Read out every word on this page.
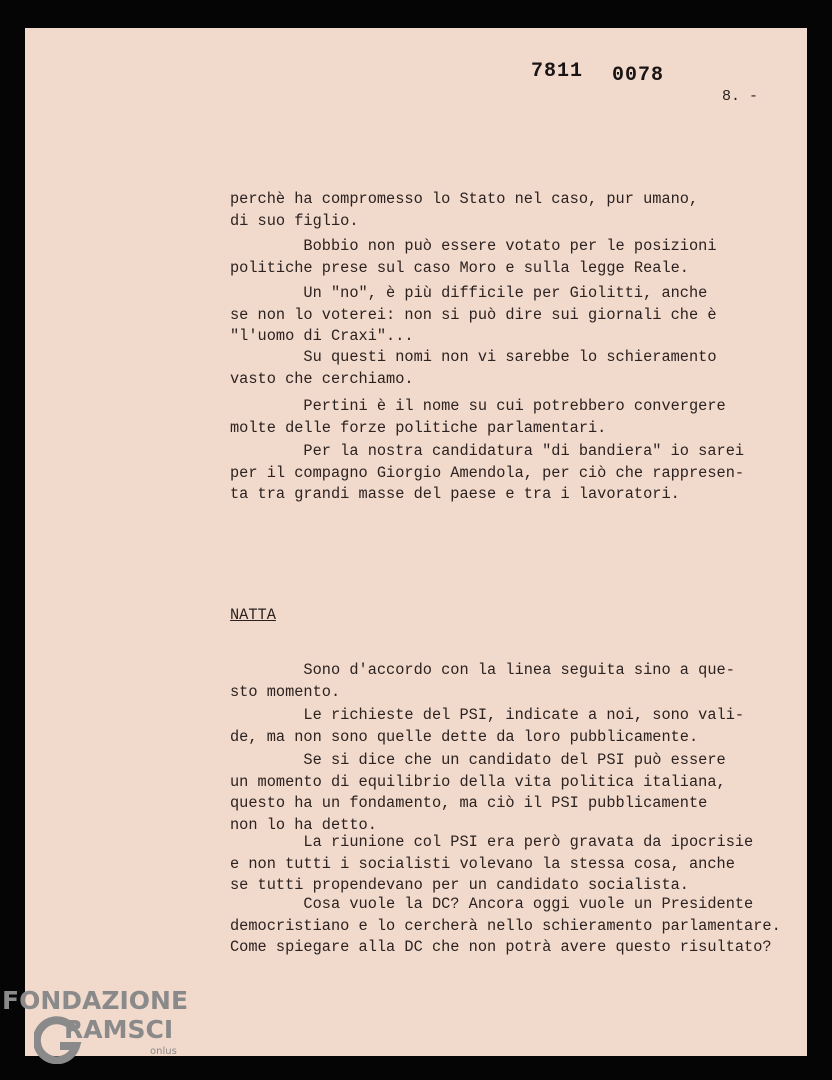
7811 0078
8. -
perchè ha compromesso lo Stato nel caso, pur umano,
di suo figlio.
Bobbio non può essere votato per le posizioni
politiche prese sul caso Moro e sulla legge Reale.
Un "no", è più difficile per Giolitti, anche
se non lo voterei: non si può dire sui giornali che è
"l'uomo di Craxi"...
Su questi nomi non vi sarebbe lo schieramento
vasto che cerchiamo.
Pertini è il nome su cui potrebbero convergere
molte delle forze politiche parlamentari.
Per la nostra candidatura "di bandiera" io sarei
per il compagno Giorgio Amendola, per ciò che rappresen-
ta tra grandi masse del paese e tra i lavoratori.
NATTA
Sono d'accordo con la linea seguita sino a que-
sto momento.
Le richieste del PSI, indicate a noi, sono vali-
de, ma non sono quelle dette da loro pubblicamente.
Se si dice che un candidato del PSI può essere
un momento di equilibrio della vita politica italiana,
questo ha un fondamento, ma ciò il PSI pubblicamente
non lo ha detto.
La riunione col PSI era però gravata da ipocrisie
e non tutti i socialisti volevano la stessa cosa, anche
se tutti propendevano per un candidato socialista.
Cosa vuole la DC? Ancora oggi vuole un Presidente
democristiano e lo cercherà nello schieramento parlamentare.
Come spiegare alla DC che non potrà avere questo risultato?
FONDAZIONE
RAMSCI
onlus
